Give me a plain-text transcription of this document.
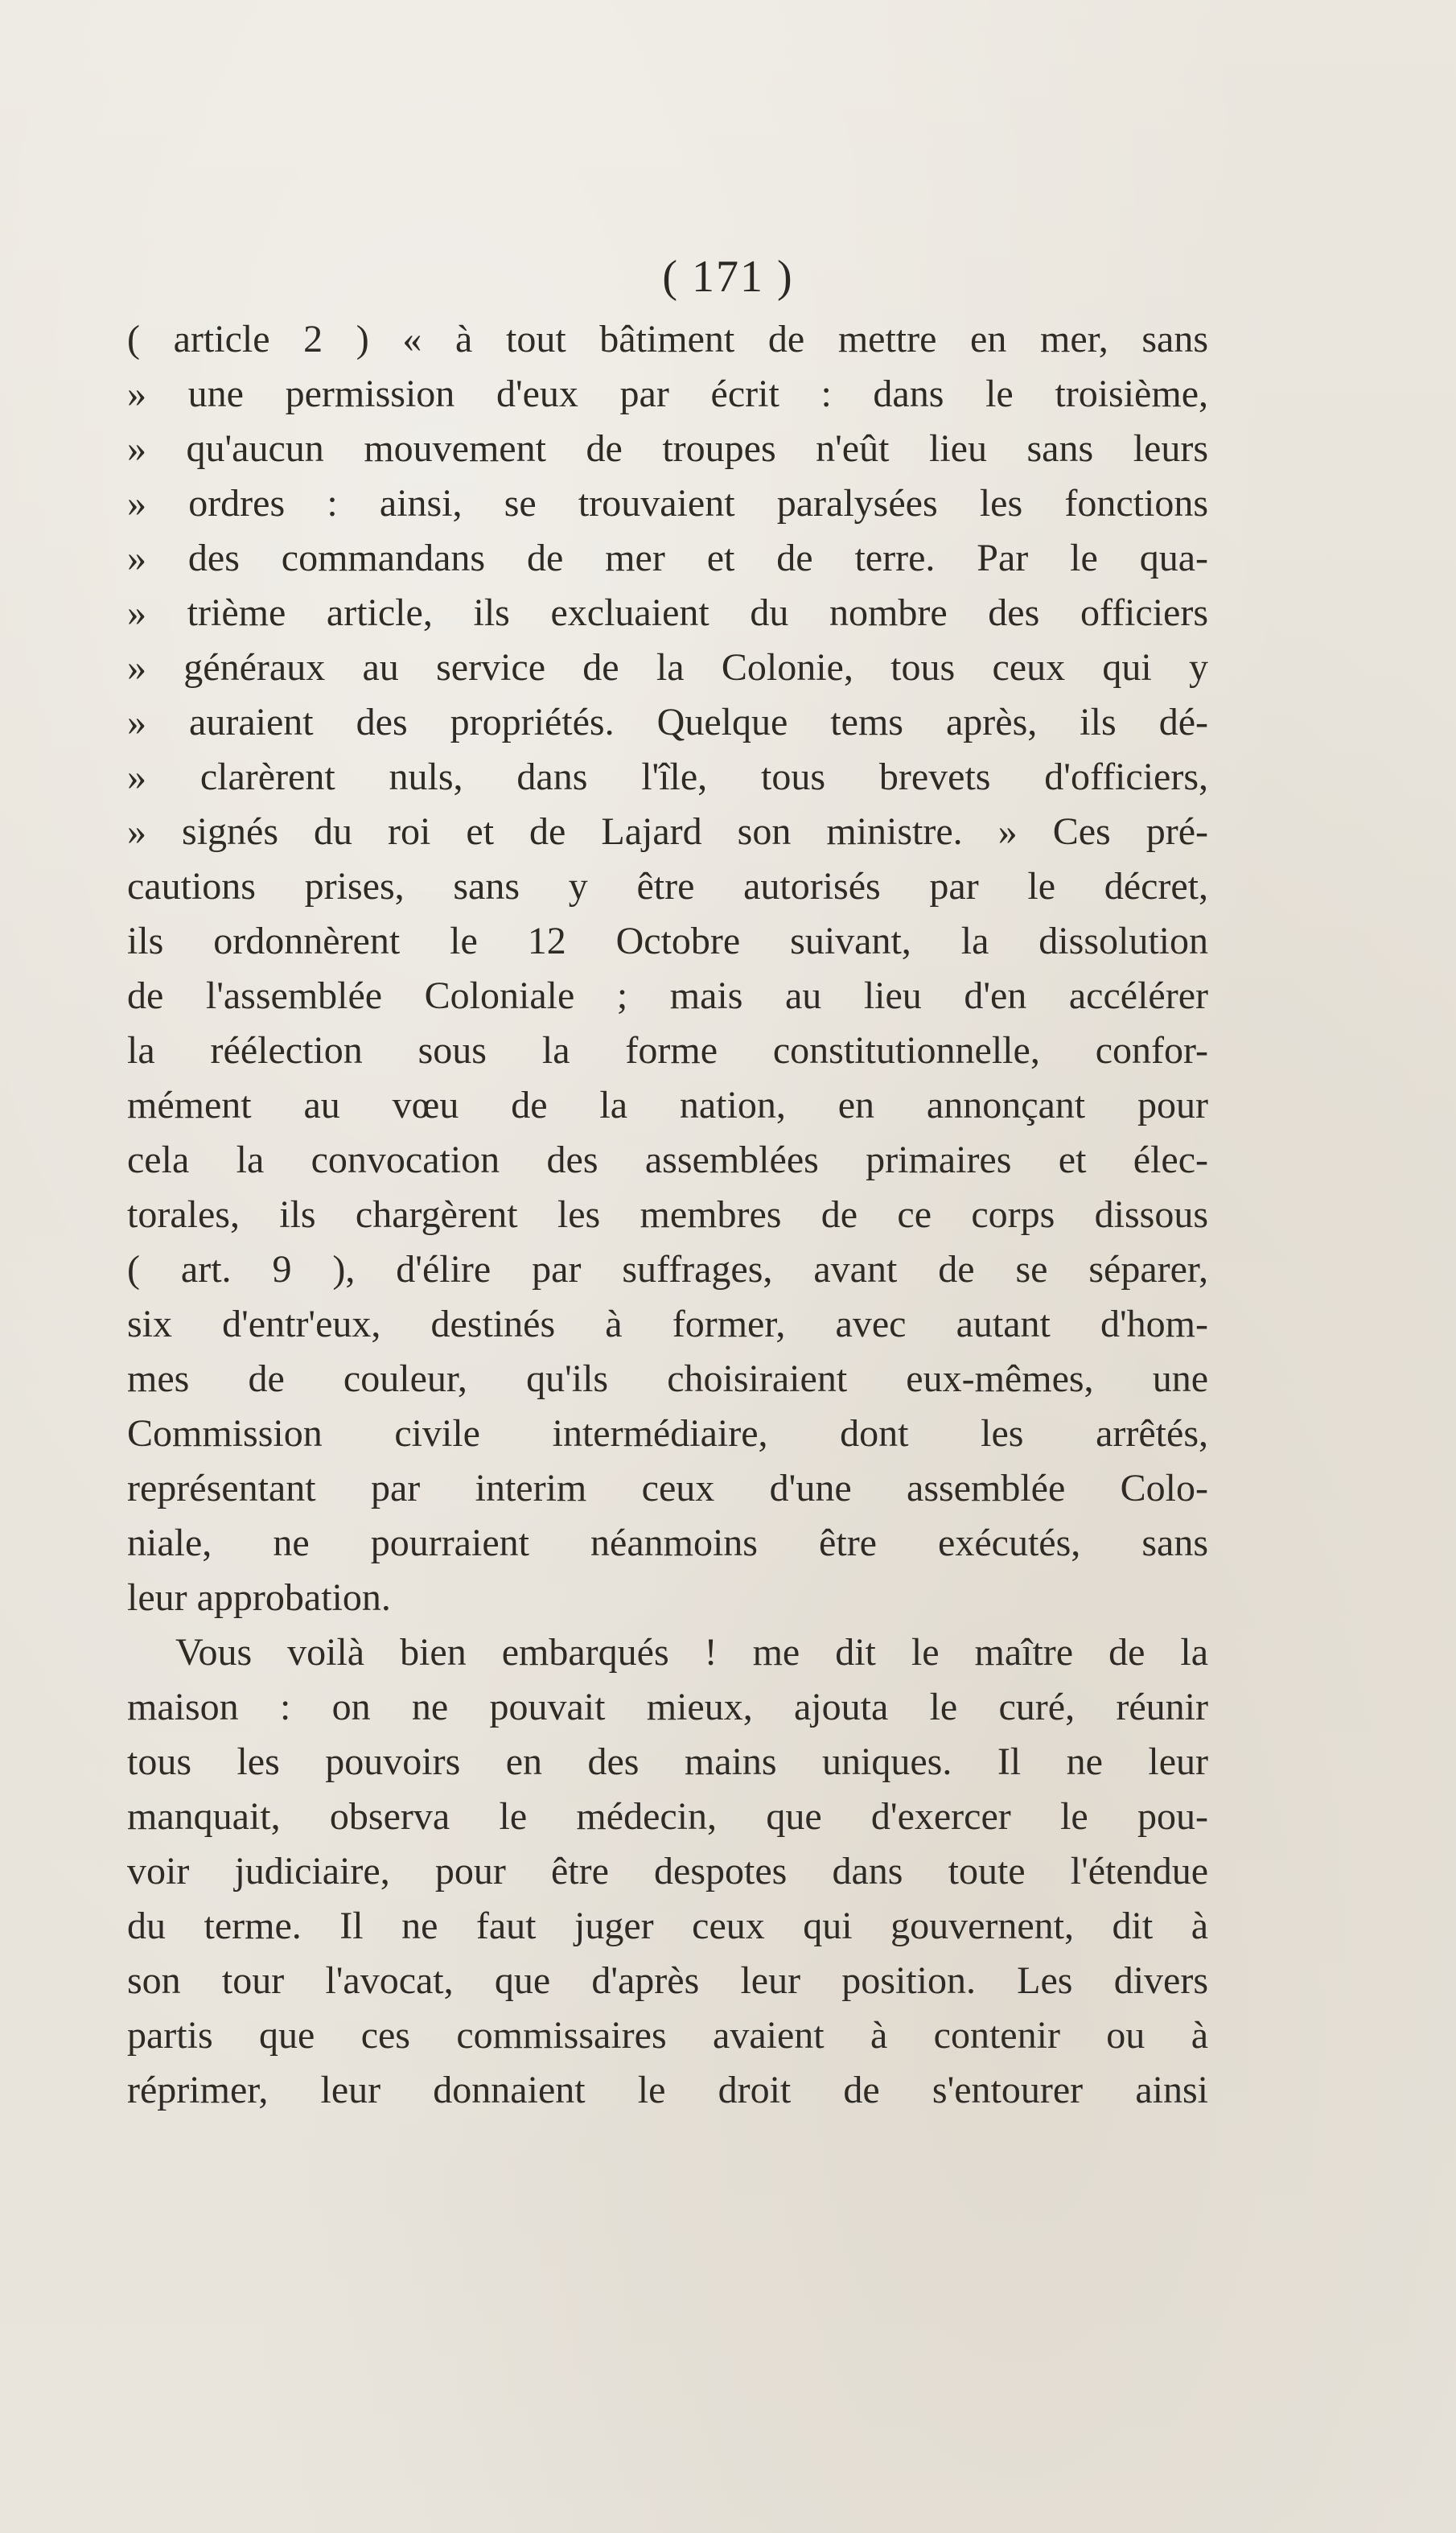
( 171 )
( article 2 ) « à tout bâtiment de mettre en mer, sans
» une permission d'eux par écrit : dans le troisième,
» qu'aucun mouvement de troupes n'eût lieu sans leurs
» ordres : ainsi, se trouvaient paralysées les fonctions
» des commandans de mer et de terre. Par le qua-
» trième article, ils excluaient du nombre des officiers
» généraux au service de la Colonie, tous ceux qui y
» auraient des propriétés. Quelque tems après, ils dé-
» clarèrent nuls, dans l'île, tous brevets d'officiers,
» signés du roi et de Lajard son ministre. » Ces pré-
cautions prises, sans y être autorisés par le décret,
ils ordonnèrent le 12 Octobre suivant, la dissolution
de l'assemblée Coloniale ; mais au lieu d'en accélérer
la réélection sous la forme constitutionnelle, confor-
mément au vœu de la nation, en annonçant pour
cela la convocation des assemblées primaires et élec-
torales, ils chargèrent les membres de ce corps dissous
( art. 9 ), d'élire par suffrages, avant de se séparer,
six d'entr'eux, destinés à former, avec autant d'hom-
mes de couleur, qu'ils choisiraient eux-mêmes, une
Commission civile intermédiaire, dont les arrêtés,
représentant par interim ceux d'une assemblée Colo-
niale, ne pourraient néanmoins être exécutés, sans
leur approbation.
Vous voilà bien embarqués ! me dit le maître de la
maison : on ne pouvait mieux, ajouta le curé, réunir
tous les pouvoirs en des mains uniques. Il ne leur
manquait, observa le médecin, que d'exercer le pou-
voir judiciaire, pour être despotes dans toute l'étendue
du terme. Il ne faut juger ceux qui gouvernent, dit à
son tour l'avocat, que d'après leur position. Les divers
partis que ces commissaires avaient à contenir ou à
réprimer, leur donnaient le droit de s'entourer ainsi
